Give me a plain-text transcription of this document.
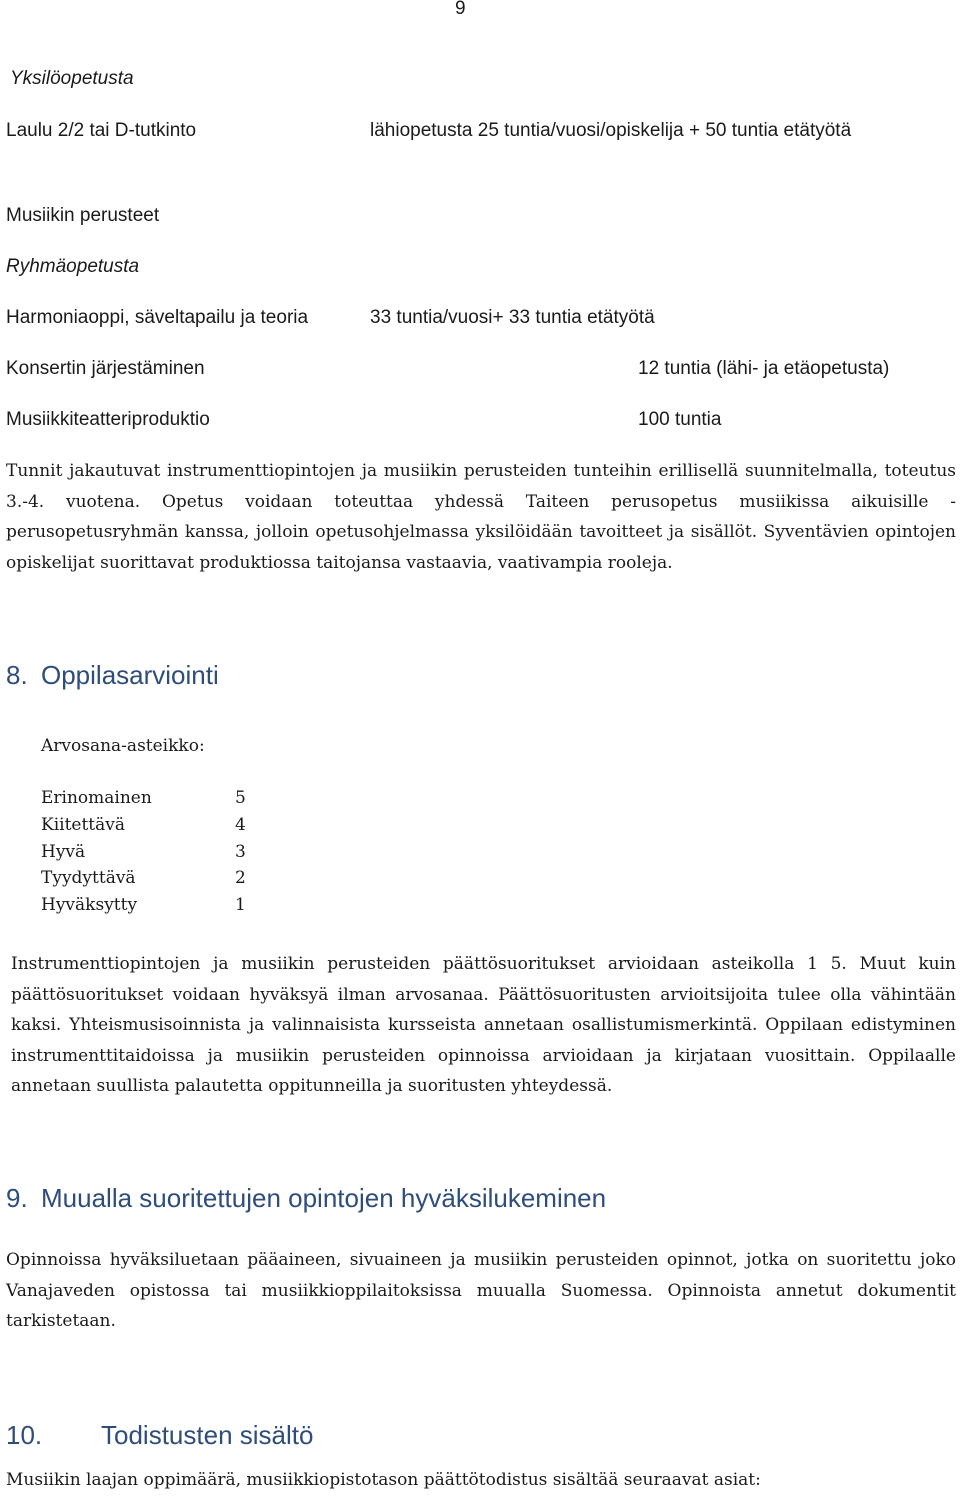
9
Yksilöopetusta
Laulu 2/2 tai D-tutkinto	lähiopetusta 25 tuntia/vuosi/opiskelija + 50 tuntia etätyötä
Musiikin perusteet
Ryhmäopetusta
Harmoniaoppi, säveltapailu ja teoria	33 tuntia/vuosi+ 33 tuntia etätyötä
Konsertin järjestäminen	12 tuntia (lähi- ja etäopetusta)
Musiikkiteatteriproduktio	100 tuntia
Tunnit jakautuvat instrumenttiopintojen ja musiikin perusteiden tunteihin erillisellä suunnitelmalla, toteutus 3.-4. vuotena. Opetus voidaan toteuttaa yhdessä Taiteen perusopetus musiikissa aikuisille -perusopetusryhmän kanssa, jolloin opetusohjelmassa yksilöidään tavoitteet ja sisällöt. Syventävien opintojen opiskelijat suorittavat produktiossa taitojansa vastaavia, vaativampia rooleja.
8. Oppilasarviointi
Arvosana-asteikko:
Erinomainen	5
Kiitettävä	4
Hyvä	3
Tyydyttävä	2
Hyväksytty	1
Instrumenttiopintojen ja musiikin perusteiden päättösuoritukset arvioidaan asteikolla 1 5. Muut kuin päättösuoritukset voidaan hyväksyä ilman arvosanaa. Päättösuoritusten arvioitsijoita tulee olla vähintään kaksi. Yhteismusisoinnista ja valinnaisista kursseista annetaan osallistumismerkintä. Oppilaan edistyminen instrumenttitaidoissa ja musiikin perusteiden opinnoissa arvioidaan ja kirjataan vuosittain. Oppilaalle annetaan suullista palautetta oppitunneilla ja suoritusten yhteydessä.
9. Muualla suoritettujen opintojen hyväksilukeminen
Opinnoissa hyväksiluetaan pääaineen, sivuaineen ja musiikin perusteiden opinnot, jotka on suoritettu joko Vanajaveden opistossa tai musiikkioppilaitoksissa muualla Suomessa. Opinnoista annetut dokumentit tarkistetaan.
10. Todistusten sisältö
Musiikin laajan oppimäärä, musiikkiopistotason päättötodistus sisältää seuraavat asiat:
